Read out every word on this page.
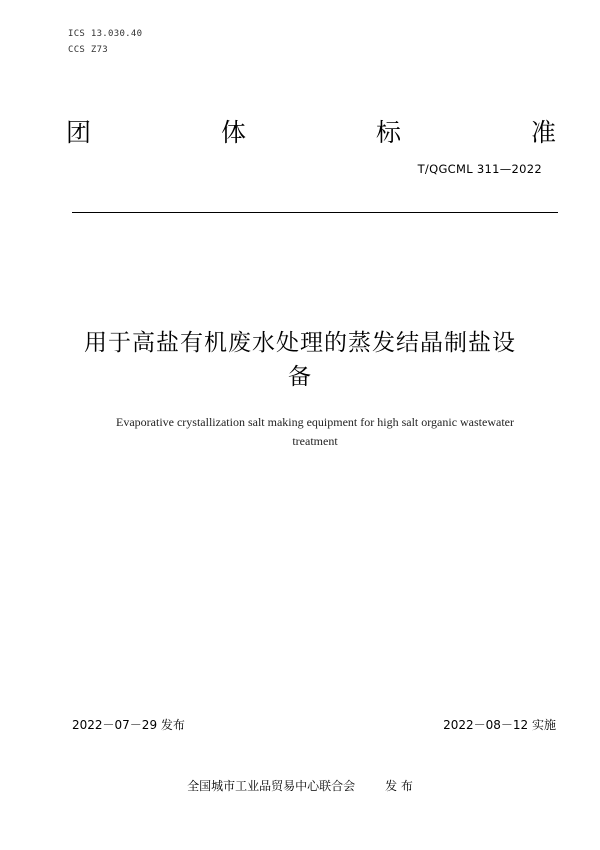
ICS 13.030.40
CCS Z73
团	体	标	准
T/QGCML 311—2022
用于高盐有机废水处理的蒸发结晶制盐设
备
Evaporative crystallization salt making equipment for high salt organic wastewater
treatment
2022－07－29 发布	2022－08－12 实施
全国城市工业品贸易中心联合会	发 布
